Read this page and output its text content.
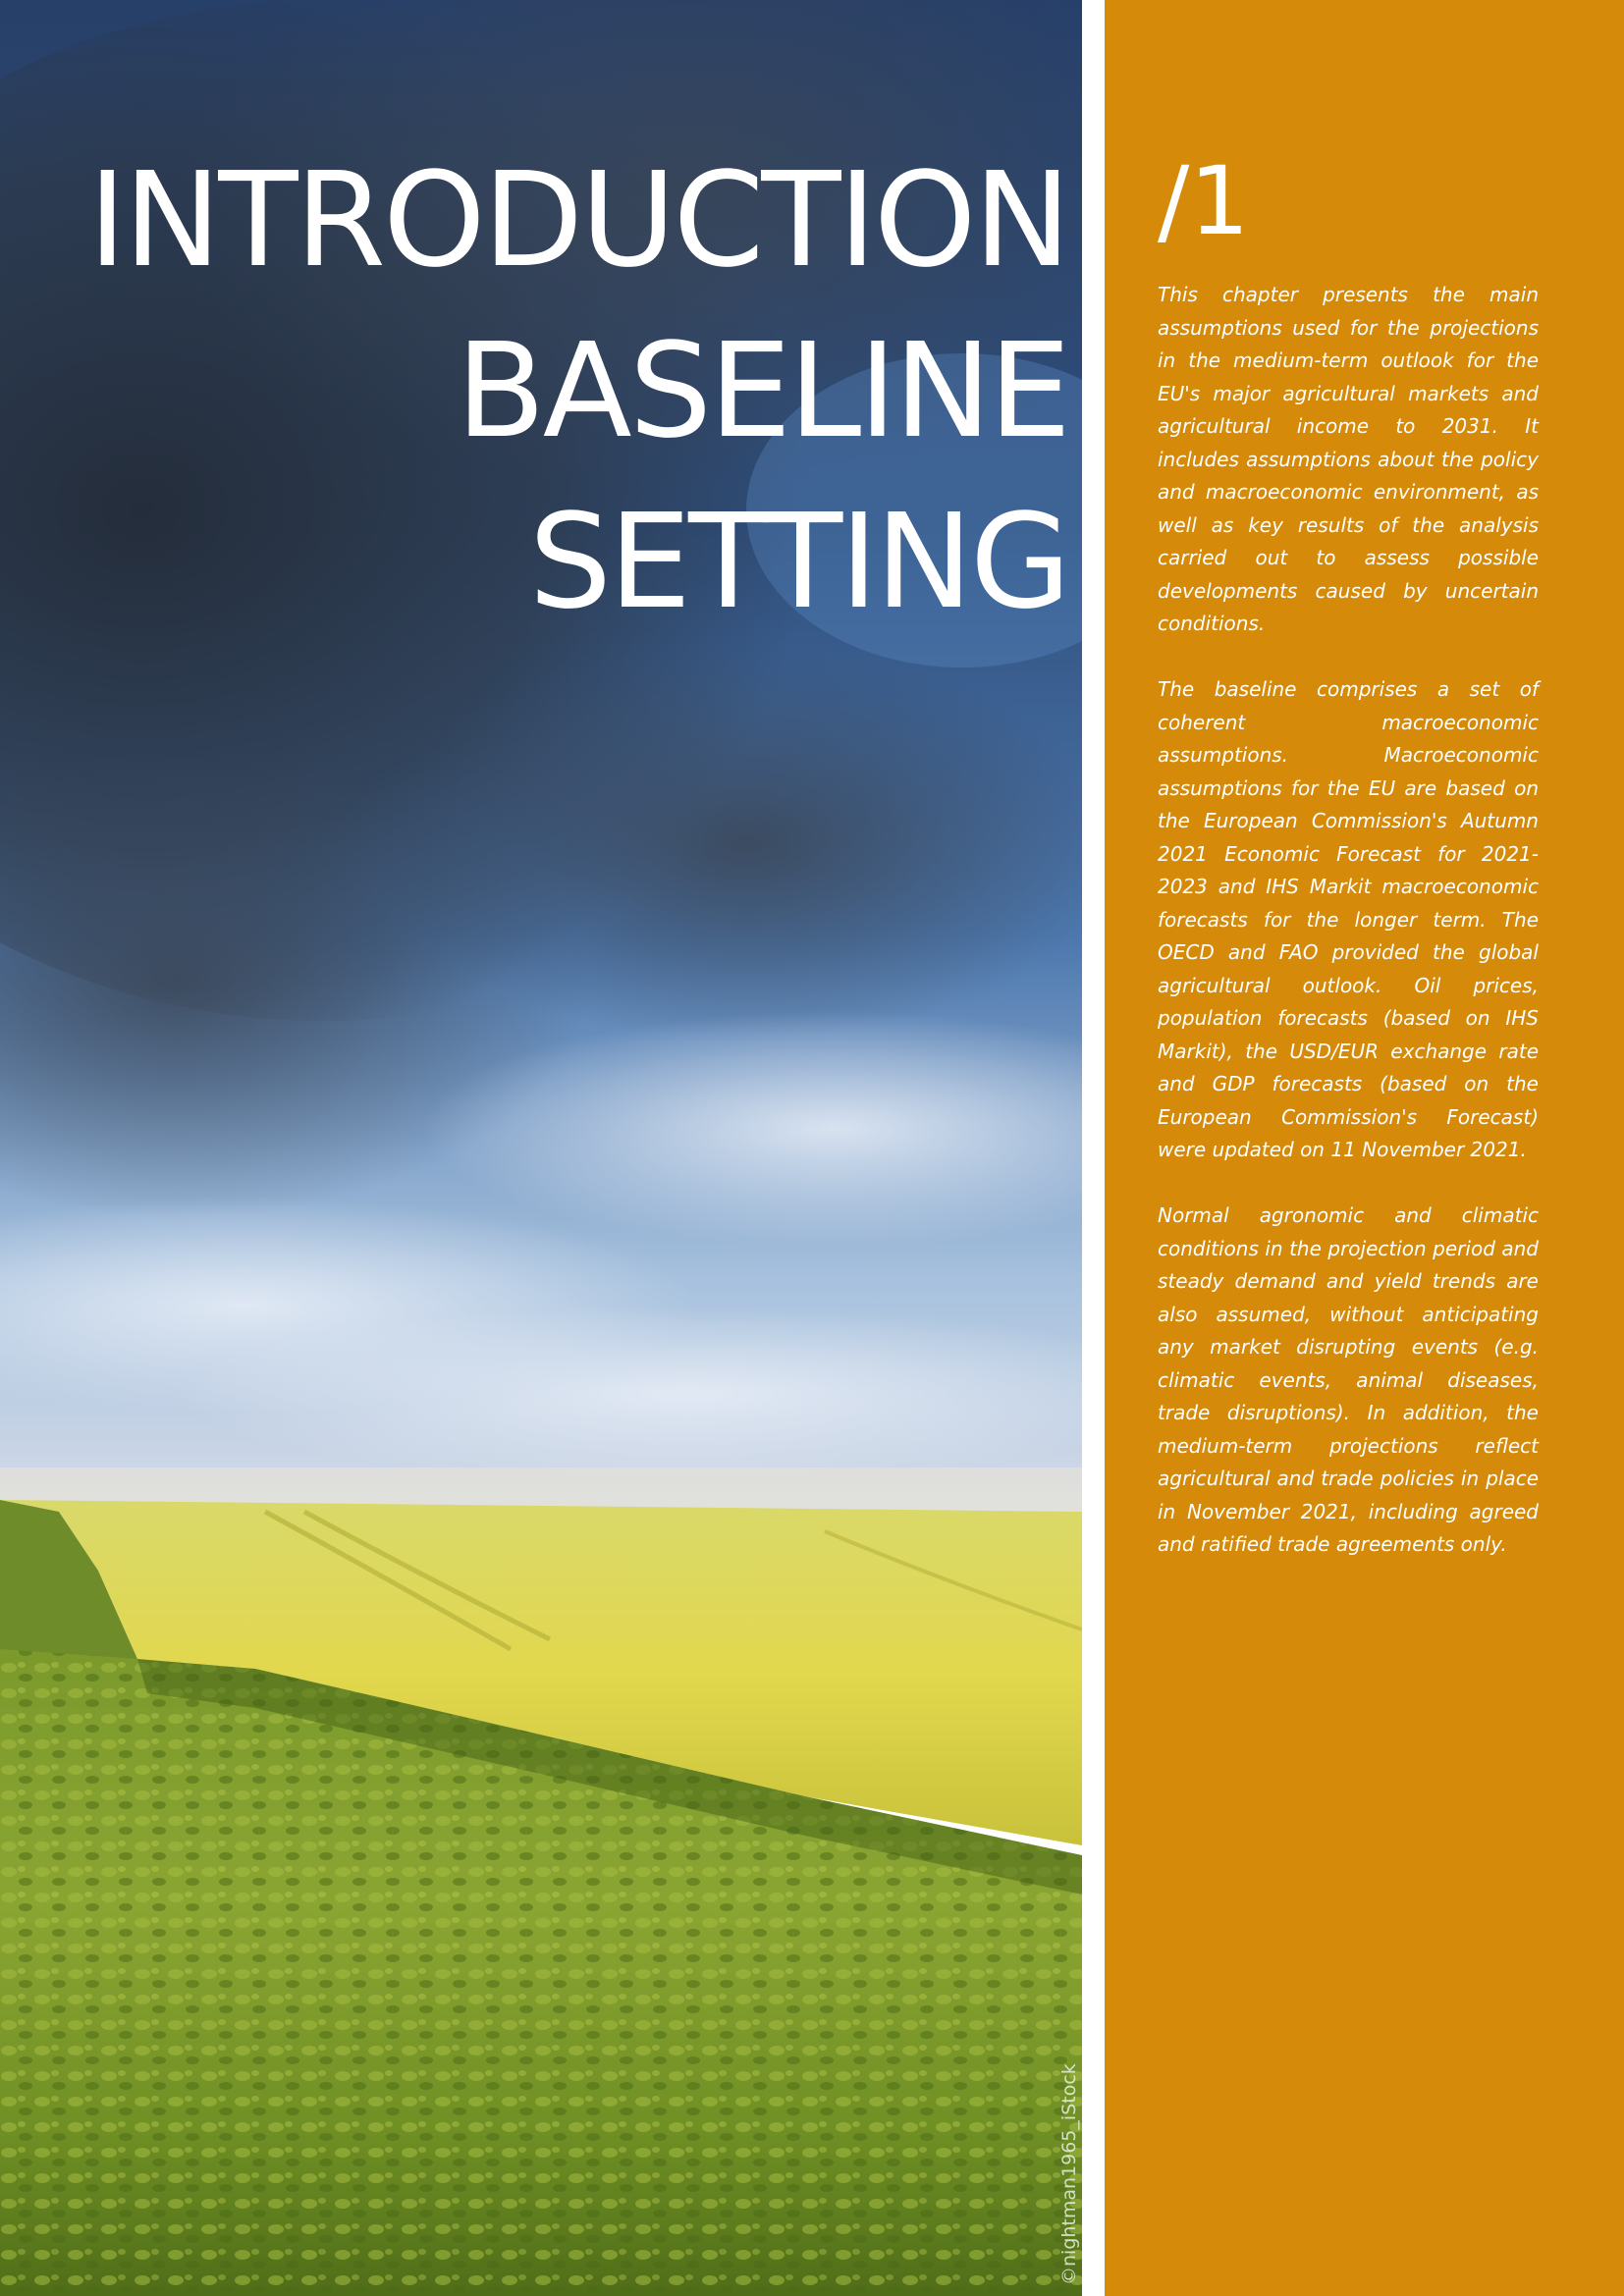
INTRODUCTION
BASELINE
SETTING
©nightman1965_iStock
/1

This chapter presents the main assumptions used for the projections in the medium-term outlook for the EU's major agricultural markets and agricultural income to 2031. It includes assumptions about the policy and macroeconomic environment, as well as key results of the analysis carried out to assess possible developments caused by uncertain conditions.

The baseline comprises a set of coherent macroeconomic assumptions. Macroeconomic assumptions for the EU are based on the European Commission's Autumn 2021 Economic Forecast for 2021-2023 and IHS Markit macroeconomic forecasts for the longer term. The OECD and FAO provided the global agricultural outlook. Oil prices, population forecasts (based on IHS Markit), the USD/EUR exchange rate and GDP forecasts (based on the European Commission's Forecast) were updated on 11 November 2021.

Normal agronomic and climatic conditions in the projection period and steady demand and yield trends are also assumed, without anticipating any market disrupting events (e.g. climatic events, animal diseases, trade disruptions). In addition, the medium-term projections reflect agricultural and trade policies in place in November 2021, including agreed and ratified trade agreements only.
